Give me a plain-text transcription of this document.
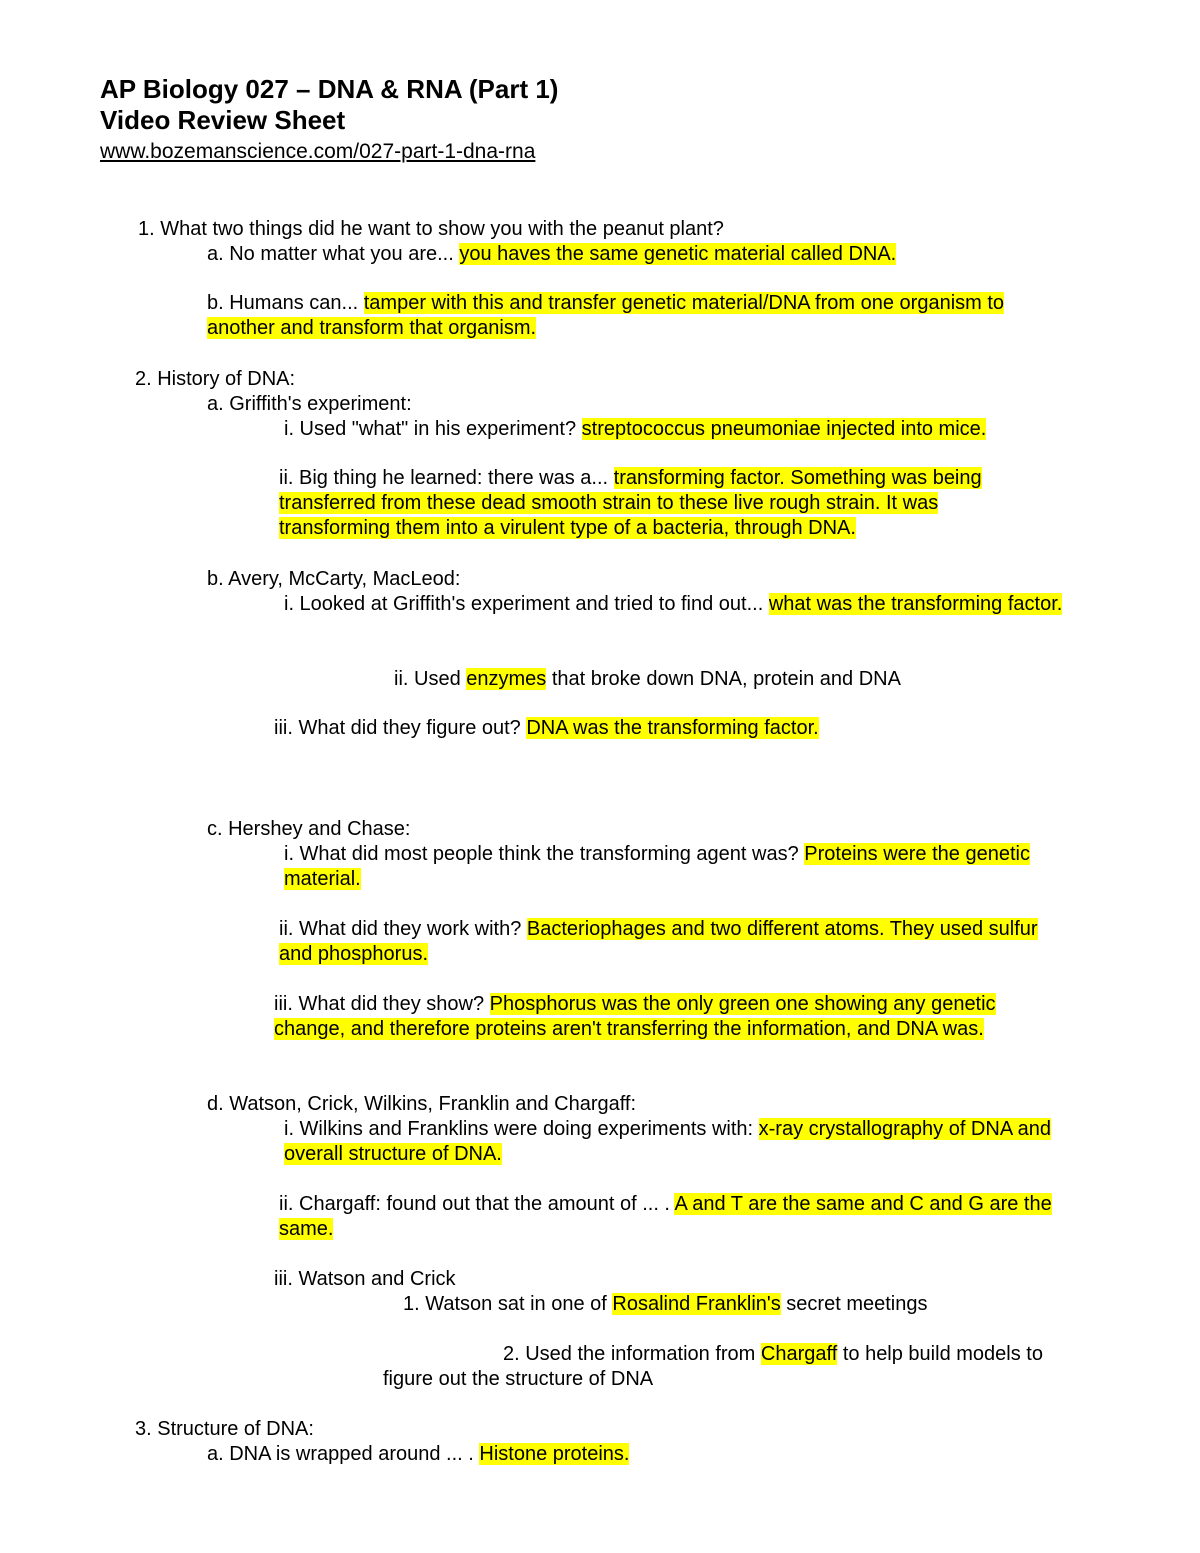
AP Biology 027 – DNA & RNA (Part 1)
Video Review Sheet
www.bozemanscience.com/027-part-1-dna-rna

1. What two things did he want to show you with the peanut plant?

a. No matter what you are... you haves the same genetic material called DNA.

b. Humans can... tamper with this and transfer genetic material/DNA from one organism to another and transform that organism.

2. History of DNA:

a. Griffith's experiment:

i. Used "what" in his experiment? streptococcus pneumoniae injected into mice.

ii. Big thing he learned: there was a... transforming factor. Something was being transferred from these dead smooth strain to these live rough strain. It was transforming them into a virulent type of a bacteria, through DNA.

b. Avery, McCarty, MacLeod:

i. Looked at Griffith's experiment and tried to find out... what was the transforming factor.

ii. Used enzymes that broke down DNA, protein and DNA

iii. What did they figure out? DNA was the transforming factor.

c. Hershey and Chase:

i. What did most people think the transforming agent was? Proteins were the genetic material.

ii. What did they work with? Bacteriophages and two different atoms. They used sulfur and phosphorus.

iii. What did they show? Phosphorus was the only green one showing any genetic change, and therefore proteins aren't transferring the information, and DNA was.

d. Watson, Crick, Wilkins, Franklin and Chargaff:

i. Wilkins and Franklins were doing experiments with: x-ray crystallography of DNA and overall structure of DNA.

ii. Chargaff: found out that the amount of ... . A and T are the same and C and G are the same.

iii. Watson and Crick

1. Watson sat in one of Rosalind Franklin's secret meetings

2. Used the information from Chargaff to help build models to

figure out the structure of DNA

3. Structure of DNA:

a. DNA is wrapped around ... . Histone proteins.
